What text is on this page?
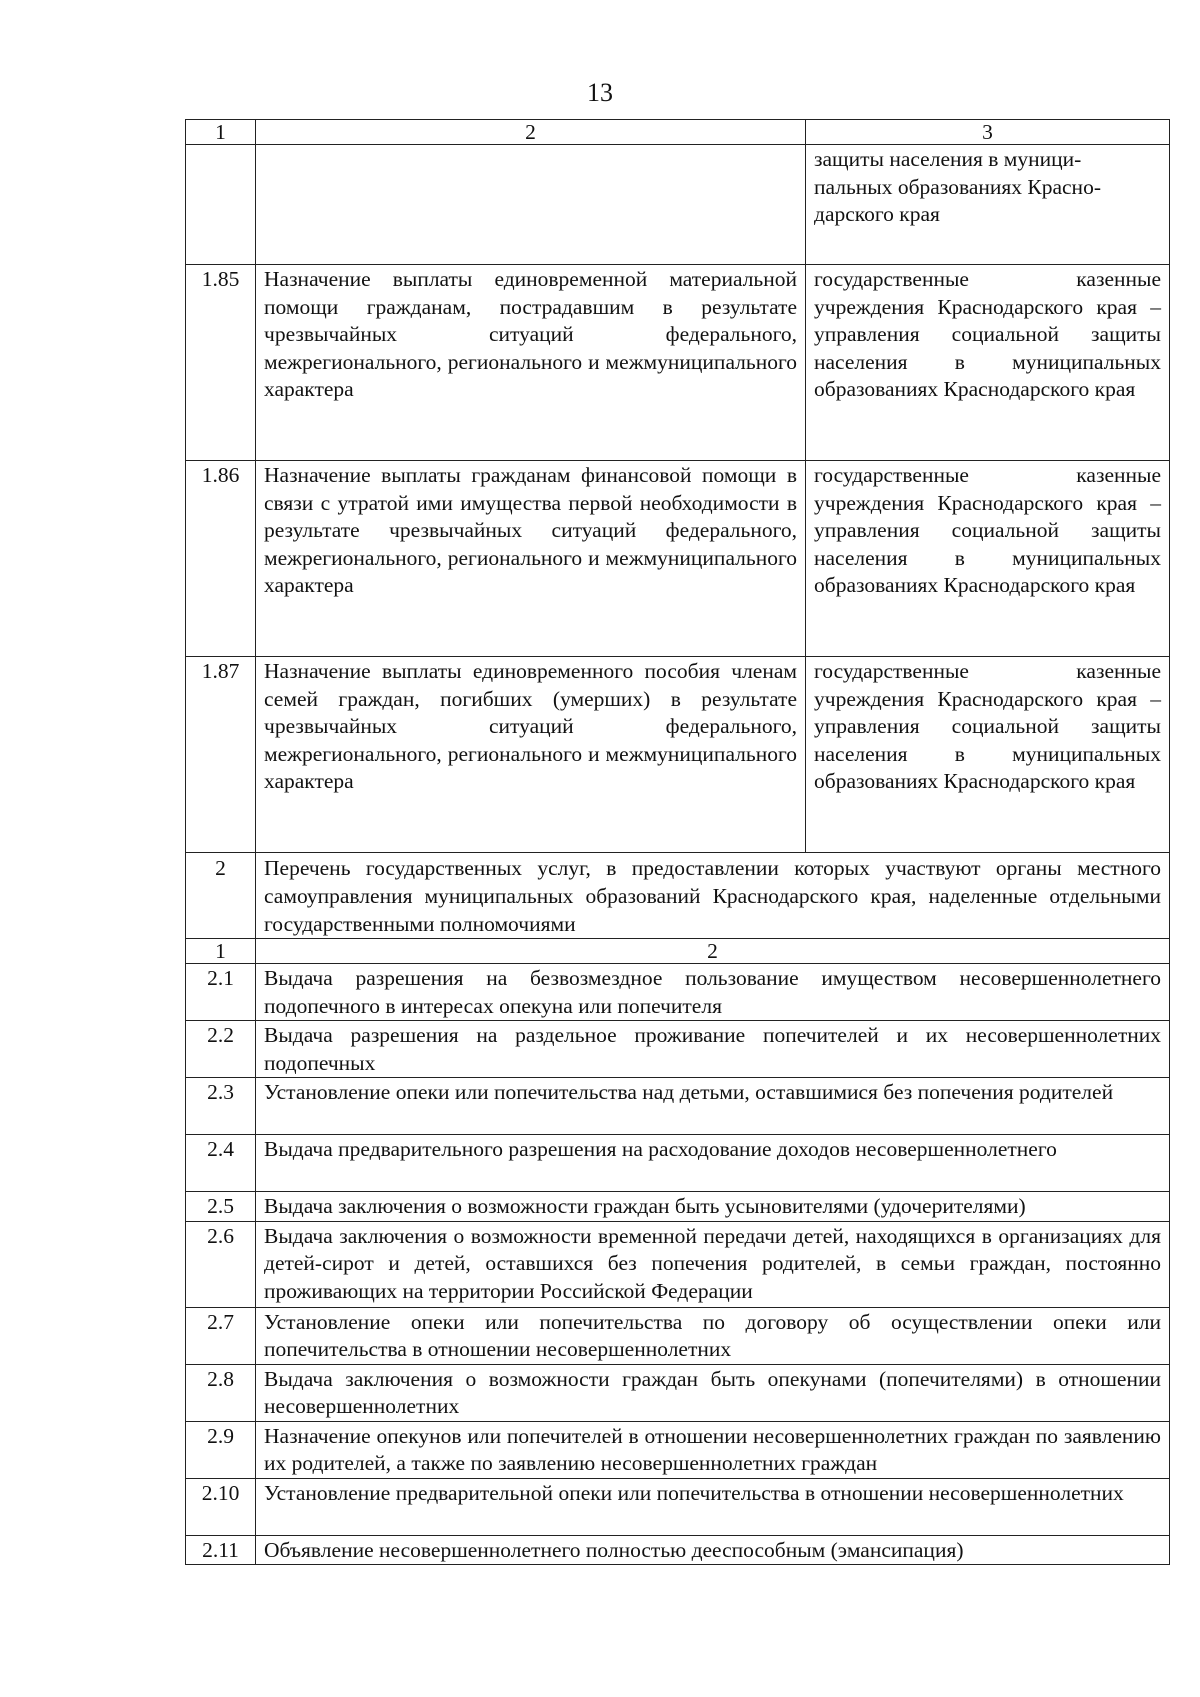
13
1	2	3
		защиты населения в муници-
пальных образованиях Красно-
дарского края
1.85	Назначение выплаты единовременной материальной помощи гражданам, пострадавшим в результате чрезвычайных ситуаций федерального, межрегионального, регионального и межмуниципального характера	государственные казенные учреждения Краснодарского края – управления социальной защиты населения в муниципальных образованиях Краснодарского края
1.86	Назначение выплаты гражданам финансовой помощи в связи с утратой ими имущества первой необходимости в результате чрезвычайных ситуаций федерального, межрегионального, регионального и межмуниципального характера	государственные казенные учреждения Краснодарского края – управления социальной защиты населения в муниципальных образованиях Краснодарского края
1.87	Назначение выплаты единовременного пособия членам семей граждан, погибших (умерших) в результате чрезвычайных ситуаций федерального, межрегионального, регионального и межмуниципального характера	государственные казенные учреждения Краснодарского края – управления социальной защиты населения в муниципальных образованиях Краснодарского края
2	Перечень государственных услуг, в предоставлении которых участвуют органы местного самоуправления муниципальных образований Краснодарского края, наделенные отдельными государственными полномочиями	
1	2	
2.1	Выдача разрешения на безвозмездное пользование имуществом несовершеннолетнего подопечного в интересах опекуна или попечителя	
2.2	Выдача разрешения на раздельное проживание попечителей и их несовершеннолетних подопечных	
2.3	Установление опеки или попечительства над детьми, оставшимися без попечения родителей	
2.4	Выдача предварительного разрешения на расходование доходов несовершеннолетнего	
2.5	Выдача заключения о возможности граждан быть усыновителями (удочерителями)	
2.6	Выдача заключения о возможности временной передачи детей, находящихся в организациях для детей-сирот и детей, оставшихся без попечения родителей, в семьи граждан, постоянно проживающих на территории Российской Федерации	
2.7	Установление опеки или попечительства по договору об осуществлении опеки или попечительства в отношении несовершеннолетних	
2.8	Выдача заключения о возможности граждан быть опекунами (попечителями) в отношении несовершеннолетних	
2.9	Назначение опекунов или попечителей в отношении несовершеннолетних граждан по заявлению их родителей, а также по заявлению несовершеннолетних граждан	
2.10	Установление предварительной опеки или попечительства в отношении несовершеннолетних	
2.11	Объявление несовершеннолетнего полностью дееспособным (эмансипация)	
